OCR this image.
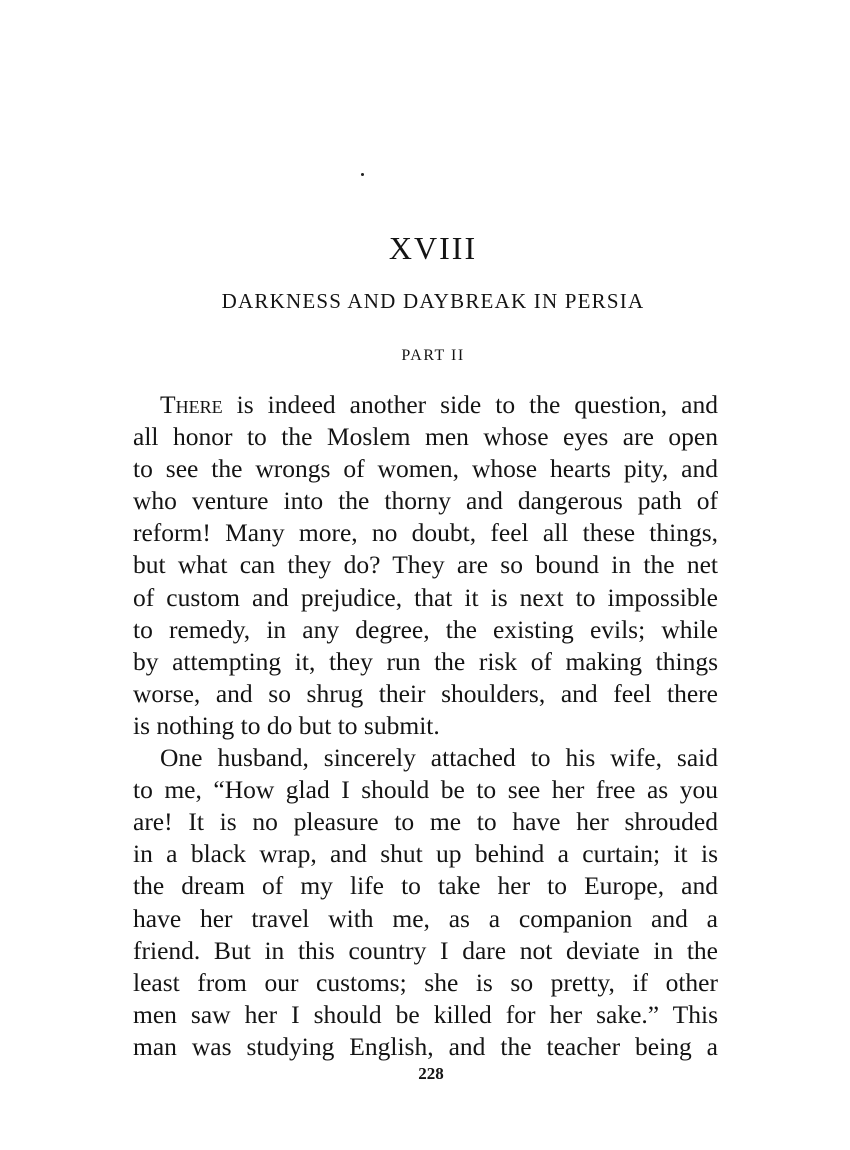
XVIII
DARKNESS AND DAYBREAK IN PERSIA
PART II
There is indeed another side to the question, and
all honor to the Moslem men whose eyes are open
to see the wrongs of women, whose hearts pity, and
who venture into the thorny and dangerous path of
reform! Many more, no doubt, feel all these things,
but what can they do? They are so bound in the net
of custom and prejudice, that it is next to impossible
to remedy, in any degree, the existing evils; while
by attempting it, they run the risk of making things
worse, and so shrug their shoulders, and feel there
is nothing to do but to submit.
One husband, sincerely attached to his wife, said
to me, “How glad I should be to see her free as you
are! It is no pleasure to me to have her shrouded
in a black wrap, and shut up behind a curtain; it is
the dream of my life to take her to Europe, and
have her travel with me, as a companion and a
friend. But in this country I dare not deviate in the
least from our customs; she is so pretty, if other
men saw her I should be killed for her sake.” This
man was studying English, and the teacher being a
228
